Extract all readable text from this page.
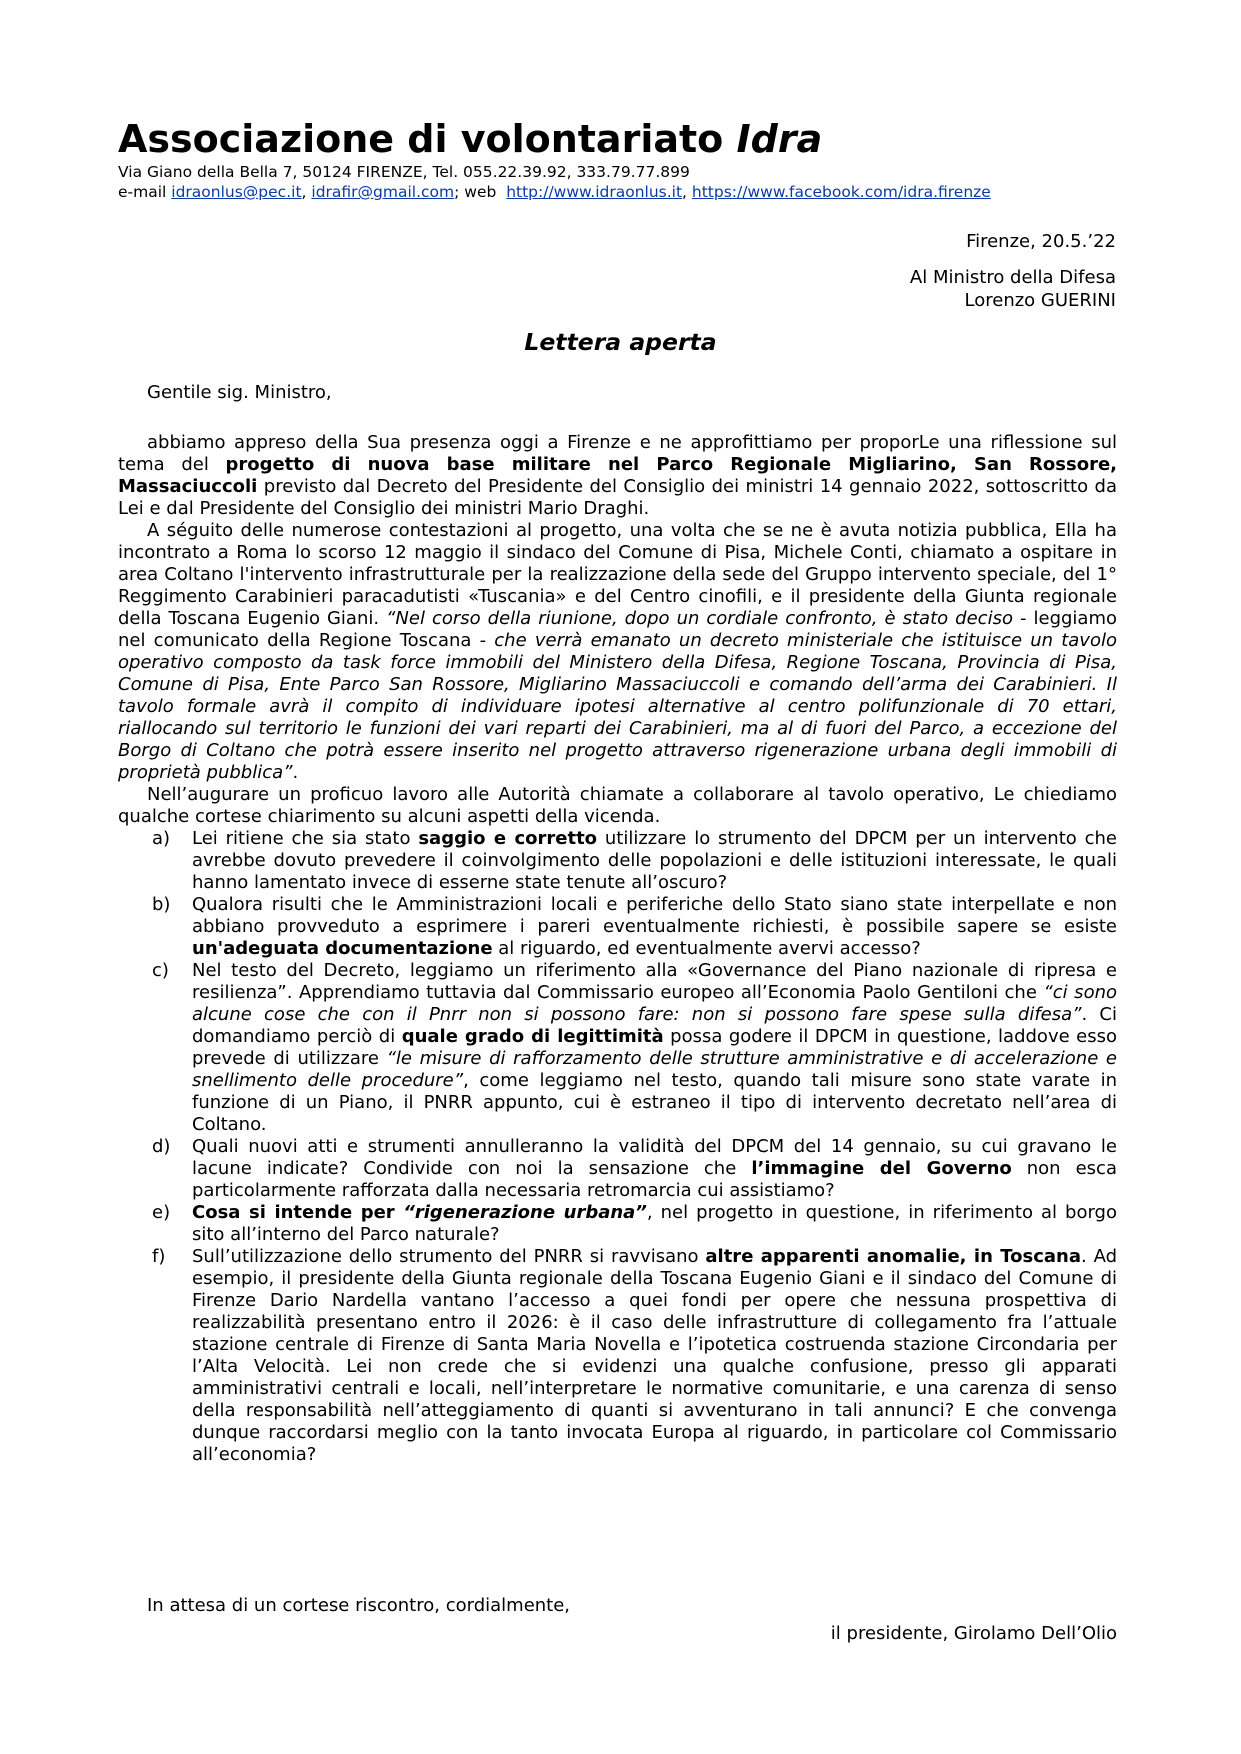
Associazione di volontariato Idra
Via Giano della Bella 7, 50124 FIRENZE, Tel. 055.22.39.92, 333.79.77.899
e-mail idraonlus@pec.it, idrafir@gmail.com; web  http://www.idraonlus.it, https://www.facebook.com/idra.firenze
Firenze, 20.5.’22
Al Ministro della Difesa
Lorenzo GUERINI
Lettera aperta
Gentile sig. Ministro,

abbiamo appreso della Sua presenza oggi a Firenze e ne approfittiamo per proporLe una riflessione sul tema del progetto di nuova base militare nel Parco Regionale Migliarino, San Rossore, Massaciuccoli previsto dal Decreto del Presidente del Consiglio dei ministri 14 gennaio 2022, sottoscritto da Lei e dal Presidente del Consiglio dei ministri Mario Draghi.

A séguito delle numerose contestazioni al progetto, una volta che se ne è avuta notizia pubblica, Ella ha incontrato a Roma lo scorso 12 maggio il sindaco del Comune di Pisa, Michele Conti, chiamato a ospitare in area Coltano l'intervento infrastrutturale per la realizzazione della sede del Gruppo intervento speciale, del 1° Reggimento Carabinieri paracadutisti «Tuscania» e del Centro cinofili, e il presidente della Giunta regionale della Toscana Eugenio Giani. “Nel corso della riunione, dopo un cordiale confronto, è stato deciso - leggiamo nel comunicato della Regione Toscana - che verrà emanato un decreto ministeriale che istituisce un tavolo operativo composto da task force immobili del Ministero della Difesa, Regione Toscana, Provincia di Pisa, Comune di Pisa, Ente Parco San Rossore, Migliarino Massaciuccoli e comando dell’arma dei Carabinieri. Il tavolo formale avrà il compito di individuare ipotesi alternative al centro polifunzionale di 70 ettari, riallocando sul territorio le funzioni dei vari reparti dei Carabinieri, ma al di fuori del Parco, a eccezione del Borgo di Coltano che potrà essere inserito nel progetto attraverso rigenerazione urbana degli immobili di proprietà pubblica”.

Nell’augurare un proficuo lavoro alle Autorità chiamate a collaborare al tavolo operativo, Le chiediamo qualche cortese chiarimento su alcuni aspetti della vicenda.

a) Lei ritiene che sia stato saggio e corretto utilizzare lo strumento del DPCM per un intervento che avrebbe dovuto prevedere il coinvolgimento delle popolazioni e delle istituzioni interessate, le quali hanno lamentato invece di esserne state tenute all’oscuro?
b) Qualora risulti che le Amministrazioni locali e periferiche dello Stato siano state interpellate e non abbiano provveduto a esprimere i pareri eventualmente richiesti, è possibile sapere se esiste un'adeguata documentazione al riguardo, ed eventualmente avervi accesso?
c) Nel testo del Decreto, leggiamo un riferimento alla «Governance del Piano nazionale di ripresa e resilienza”. Apprendiamo tuttavia dal Commissario europeo all’Economia Paolo Gentiloni che “ci sono alcune cose che con il Pnrr non si possono fare: non si possono fare spese sulla difesa”. Ci domandiamo perciò di quale grado di legittimità possa godere il DPCM in questione, laddove esso prevede di utilizzare “le misure di rafforzamento delle strutture amministrative e di accelerazione e snellimento delle procedure”, come leggiamo nel testo, quando tali misure sono state varate in funzione di un Piano, il PNRR appunto, cui è estraneo il tipo di intervento decretato nell’area di Coltano.
d) Quali nuovi atti e strumenti annulleranno la validità del DPCM del 14 gennaio, su cui gravano le lacune indicate? Condivide con noi la sensazione che l’immagine del Governo non esca particolarmente rafforzata dalla necessaria retromarcia cui assistiamo?
e) Cosa si intende per “rigenerazione urbana”, nel progetto in questione, in riferimento al borgo sito all’interno del Parco naturale?
f) Sull’utilizzazione dello strumento del PNRR si ravvisano altre apparenti anomalie, in Toscana. Ad esempio, il presidente della Giunta regionale della Toscana Eugenio Giani e il sindaco del Comune di Firenze Dario Nardella vantano l’accesso a quei fondi per opere che nessuna prospettiva di realizzabilità presentano entro il 2026: è il caso delle infrastrutture di collegamento fra l’attuale stazione centrale di Firenze di Santa Maria Novella e l’ipotetica costruenda stazione Circondaria per l’Alta Velocità. Lei non crede che si evidenzi una qualche confusione, presso gli apparati amministrativi centrali e locali, nell’interpretare le normative comunitarie, e una carenza di senso della responsabilità nell’atteggiamento di quanti si avventurano in tali annunci? E che convenga dunque raccordarsi meglio con la tanto invocata Europa al riguardo, in particolare col Commissario all’economia?
In attesa di un cortese riscontro, cordialmente,
il presidente, Girolamo Dell’Olio
